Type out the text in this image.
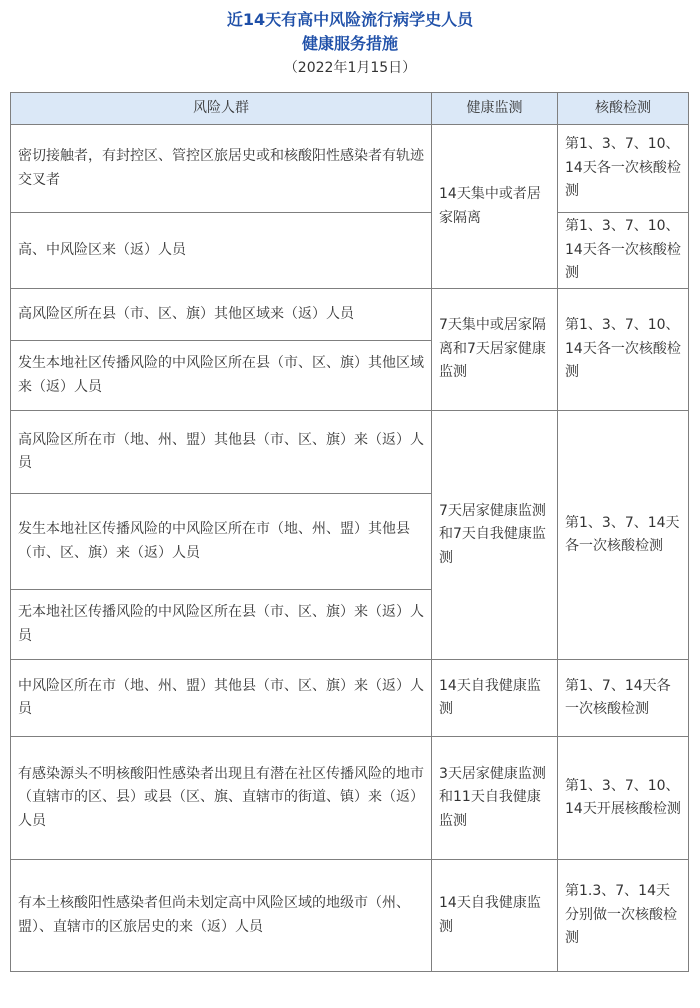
近14天有高中风险流行病学史人员
健康服务措施
（2022年1月15日）
风险人群	健康监测	核酸检测
密切接触者，有封控区、管控区旅居史或和核酸阳性感染者有轨迹交叉者	14天集中或者居家隔离	第1、3、7、10、14天各一次核酸检测
高、中风险区来（返）人员		第1、3、7、10、14天各一次核酸检测
高风险区所在县（市、区、旗）其他区域来（返）人员	7天集中或居家隔离和7天居家健康监测	第1、3、7、10、14天各一次核酸检测
发生本地社区传播风险的中风险区所在县（市、区、旗）其他区域来（返）人员		
高风险区所在市（地、州、盟）其他县（市、区、旗）来（返）人员	7天居家健康监测和7天自我健康监测	第1、3、7、14天各一次核酸检测
发生本地社区传播风险的中风险区所在市（地、州、盟）其他县（市、区、旗）来（返）人员		
无本地社区传播风险的中风险区所在县（市、区、旗）来（返）人员		
中风险区所在市（地、州、盟）其他县（市、区、旗）来（返）人员	14天自我健康监测	第1、7、14天各一次核酸检测
有感染源头不明核酸阳性感染者出现且有潜在社区传播风险的地市（直辖市的区、县）或县（区、旗、直辖市的街道、镇）来（返）人员	3天居家健康监测和11天自我健康监测	第1、3、7、10、14天开展核酸检测
有本土核酸阳性感染者但尚未划定高中风险区域的地级市（州、盟）、直辖市的区旅居史的来（返）人员	14天自我健康监测	第1.3、7、14天分别做一次核酸检测
